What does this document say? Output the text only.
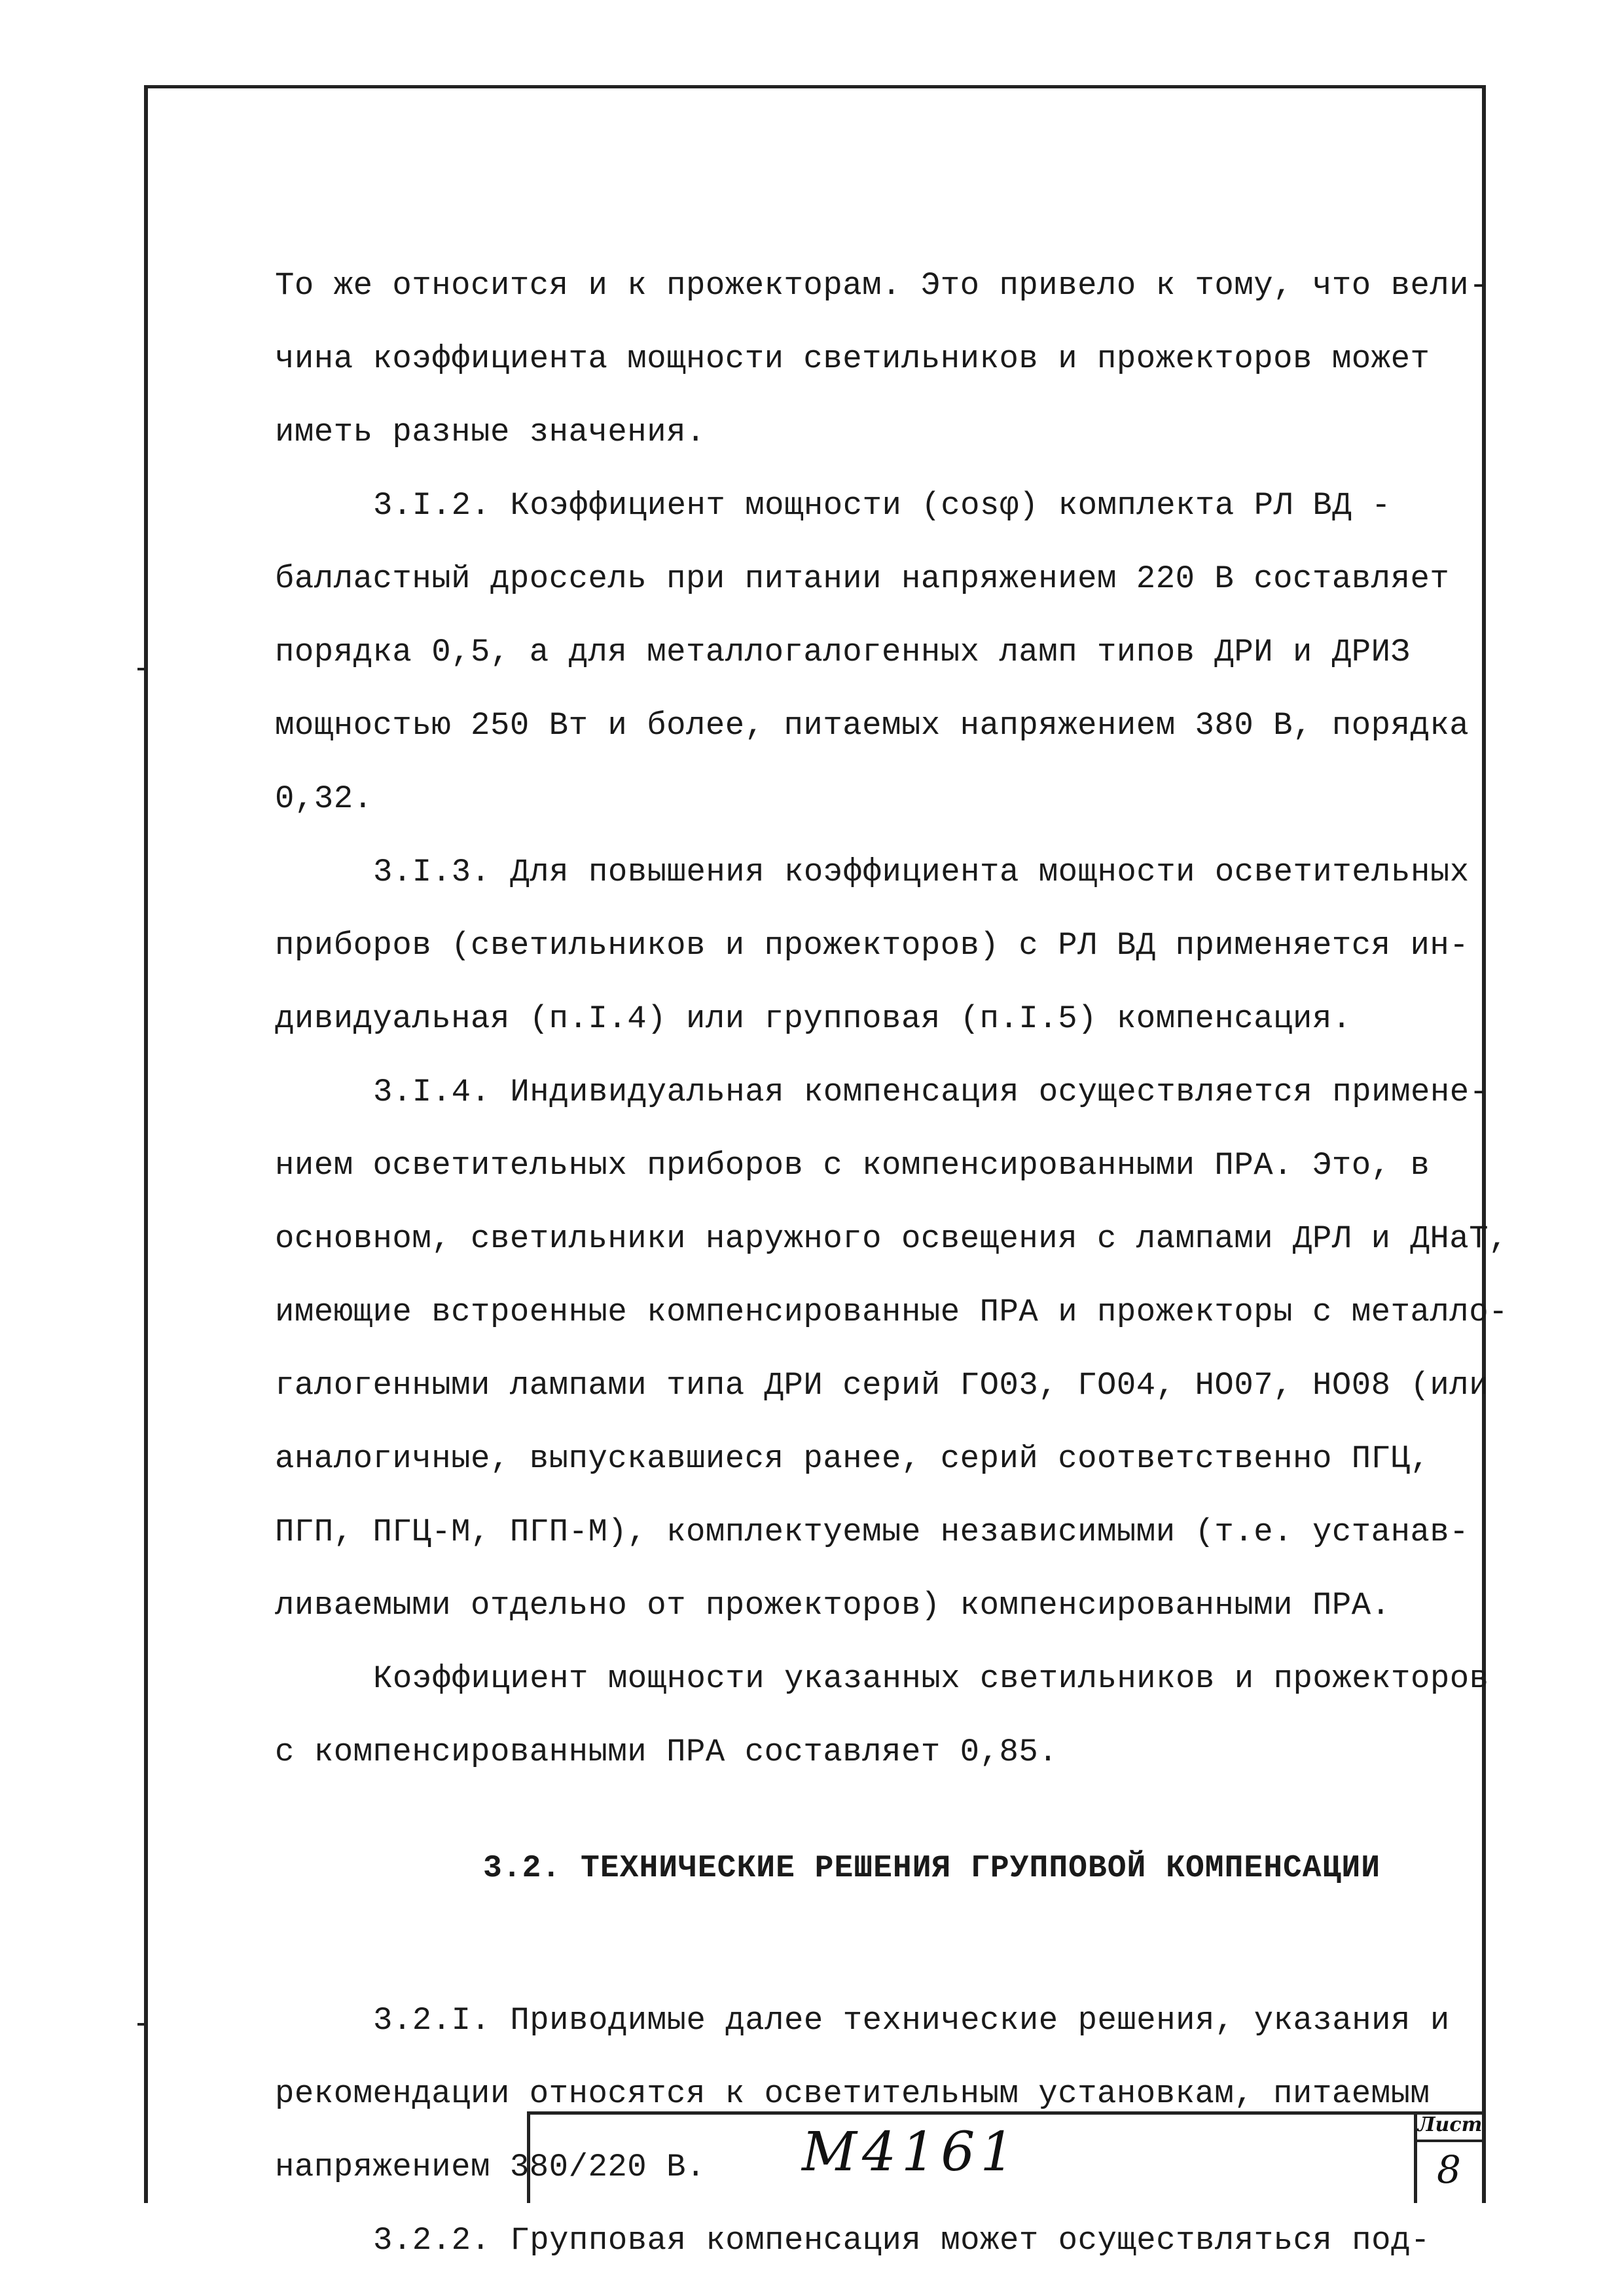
То же относится и к прожекторам. Это привело к тому, что вели-

чина коэффициента мощности светильников и прожекторов может

иметь разные значения.

3.I.2. Коэффициент мощности (cosφ) комплекта РЛ ВД -

балластный дроссель при питании напряжением 220 В составляет

порядка 0,5, а для металлогалогенных ламп типов ДРИ и ДРИЗ

мощностью 250 Вт и более, питаемых напряжением 380 В, порядка

0,32.

3.I.3. Для повышения коэффициента мощности осветительных

приборов (светильников и прожекторов) с РЛ ВД применяется ин-

дивидуальная (п.I.4) или групповая (п.I.5) компенсация.

3.I.4. Индивидуальная компенсация осуществляется примене-

нием осветительных приборов с компенсированными ПРА. Это, в

основном, светильники наружного освещения с лампами ДРЛ и ДНаТ,

имеющие встроенные компенсированные ПРА и прожекторы с металло-

галогенными лампами типа ДРИ серий ГО03, ГО04, НО07, НО08 (или

аналогичные, выпускавшиеся ранее, серий соответственно ПГЦ,

ПГП, ПГЦ-М, ПГП-М), комплектуемые независимыми (т.е. устанав-

ливаемыми отдельно от прожекторов) компенсированными ПРА.

Коэффициент мощности указанных светильников и прожекторов

с компенсированными ПРА составляет 0,85.

3.2. ТЕХНИЧЕСКИЕ РЕШЕНИЯ ГРУППОВОЙ КОМПЕНСАЦИИ

3.2.I. Приводимые далее технические решения, указания и

рекомендации относятся к осветительным установкам, питаемым

напряжением 380/220 В.

3.2.2. Групповая компенсация может осуществляться под-

М4161	Лист
8
